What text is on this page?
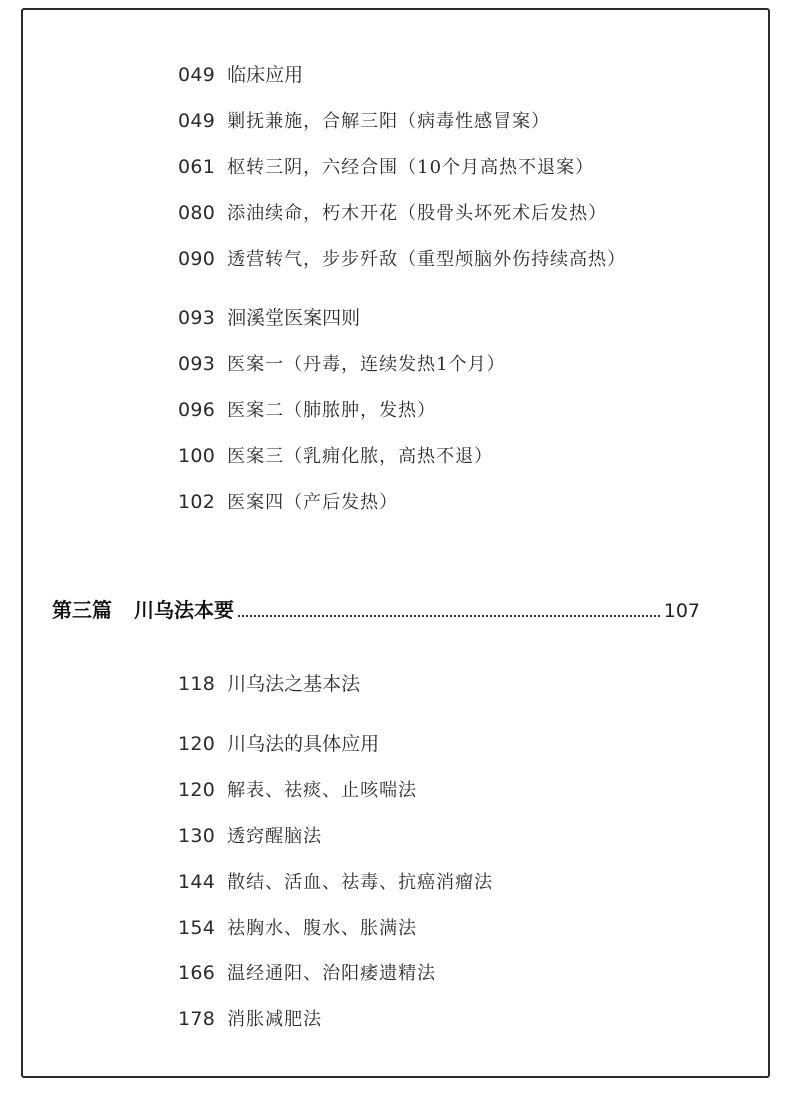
049 临床应用
049 剿抚兼施，合解三阳（病毒性感冒案）
061 枢转三阴，六经合围（10个月高热不退案）
080 添油续命，朽木开花（股骨头坏死术后发热）
090 透营转气，步步歼敌（重型颅脑外伤持续高热）
093 洄溪堂医案四则
093 医案一（丹毒，连续发热1个月）
096 医案二（肺脓肿，发热）
100 医案三（乳痈化脓，高热不退）
102 医案四（产后发热）
第三篇 川乌法本要	107
118 川乌法之基本法
120 川乌法的具体应用
120 解表、祛痰、止咳喘法
130 透窍醒脑法
144 散结、活血、祛毒、抗癌消瘤法
154 祛胸水、腹水、胀满法
166 温经通阳、治阳痿遗精法
178 消胀减肥法
